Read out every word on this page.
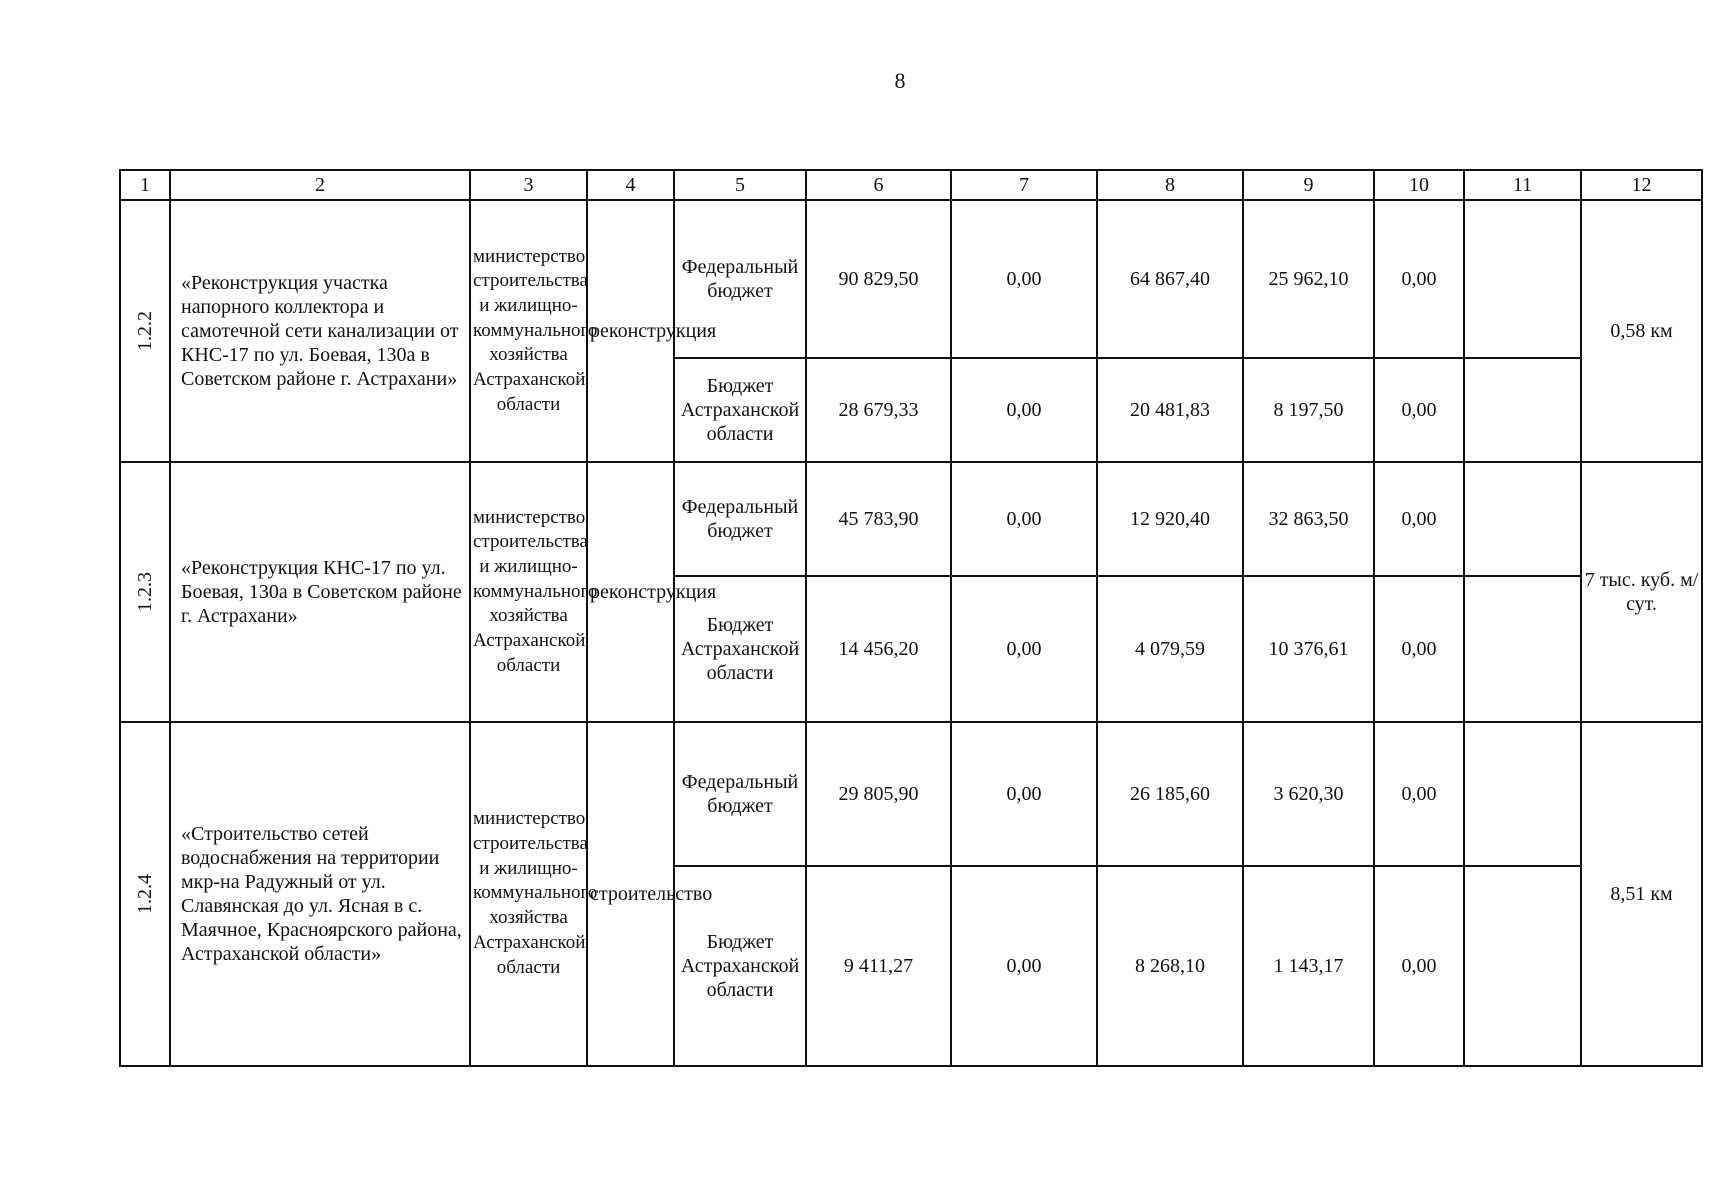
8
1	2	3	4	5	6	7	8	9	10	11	12
1.2.2	«Реконструкция участка напорного коллектора и самотечной сети канализации от КНС-17 по ул. Боевая, 130а в Советском районе г. Астрахани»	министерство строительства и жилищно-коммунального хозяйства Астраханской области	реконструкция	Федеральный бюджет	90 829,50	0,00	64 867,40	25 962,10	0,00		0,58 км
				Бюджет Астраханской области	28 679,33	0,00	20 481,83	8 197,50	0,00		
1.2.3	«Реконструкция КНС-17 по ул. Боевая, 130а в Советском районе г. Астрахани»	министерство строительства и жилищно-коммунального хозяйства Астраханской области	реконструкция	Федеральный бюджет	45 783,90	0,00	12 920,40	32 863,50	0,00		7 тыс. куб. м/сут.
				Бюджет Астраханской области	14 456,20	0,00	4 079,59	10 376,61	0,00		
1.2.4	«Строительство сетей водоснабжения на территории мкр-на Радужный от ул. Славянская до ул. Ясная в с. Маячное, Красноярского района, Астраханской области»	министерство строительства и жилищно-коммунального хозяйства Астраханской области	строительство	Федеральный бюджет	29 805,90	0,00	26 185,60	3 620,30	0,00		8,51 км
				Бюджет Астраханской области	9 411,27	0,00	8 268,10	1 143,17	0,00		
